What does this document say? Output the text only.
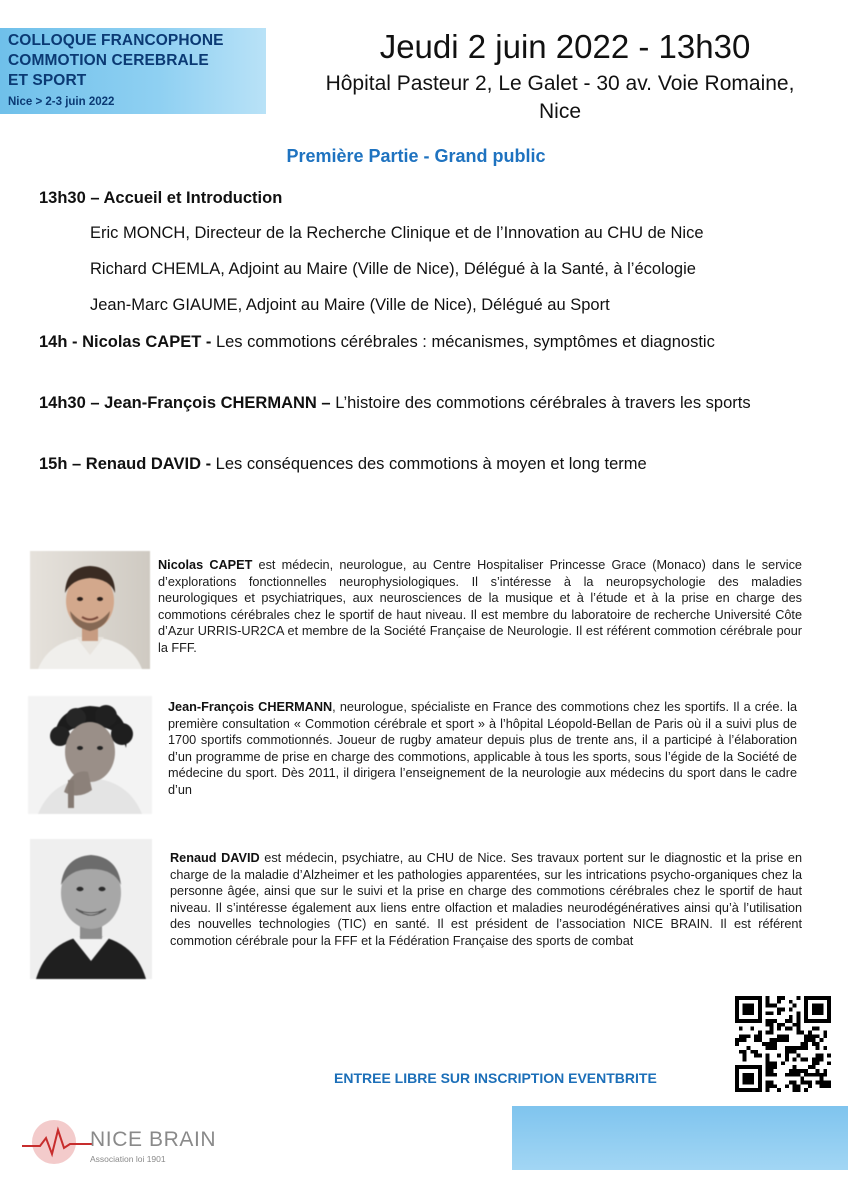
COLLOQUE FRANCOPHONE
COMMOTION CEREBRALE
ET SPORT
Nice > 2-3 juin 2022
Jeudi 2 juin 2022 - 13h30
Hôpital Pasteur 2, Le Galet - 30 av. Voie Romaine,
Nice
Première Partie - Grand public
13h30 – Accueil et Introduction
Eric MONCH, Directeur de la Recherche Clinique et de l’Innovation au CHU de Nice
Richard CHEMLA, Adjoint au Maire (Ville de Nice), Délégué à la Santé, à l’écologie
Jean-Marc GIAUME, Adjoint au Maire (Ville de Nice), Délégué au Sport
14h - Nicolas CAPET - Les commotions cérébrales : mécanismes, symptômes et diagnostic
14h30 – Jean-François CHERMANN – L’histoire des commotions cérébrales à travers les sports
15h – Renaud DAVID - Les conséquences des commotions à moyen et long terme
Nicolas CAPET est médecin, neurologue, au Centre Hospitaliser Princesse Grace (Monaco) dans le service d’explorations fonctionnelles neurophysiologiques. Il s’intéresse à la neuropsychologie des maladies neurologiques et psychiatriques, aux neurosciences de la musique et à l’étude et à la prise en charge des commotions cérébrales chez le sportif de haut niveau. Il est membre du laboratoire de recherche Université Côte d’Azur URRIS-UR2CA et membre de la Société Française de Neurologie. Il est référent commotion cérébrale pour la FFF.
Jean-François CHERMANN, neurologue, spécialiste en France des commotions chez les sportifs. Il a crée. la première consultation « Commotion cérébrale et sport » à l’hôpital Léopold-Bellan de Paris où il a suivi plus de 1700 sportifs commotionnés. Joueur de rugby amateur depuis plus de trente ans, il a participé à l’élaboration d’un programme de prise en charge des commotions, applicable à tous les sports, sous l’égide de la Société de médecine du sport. Dès 2011, il dirigera l’enseignement de la neurologie aux médecins du sport dans le cadre d’un
Renaud DAVID est médecin, psychiatre, au CHU de Nice. Ses travaux portent sur le diagnostic et la prise en charge de la maladie d’Alzheimer et les pathologies apparentées, sur les intrications psycho-organiques chez la personne âgée, ainsi que sur le suivi et la prise en charge des commotions cérébrales chez le sportif de haut niveau. Il s’intéresse également aux liens entre olfaction et maladies neurodégénératives ainsi qu’à l’utilisation des nouvelles technologies (TIC) en santé. Il est président de l’association NICE BRAIN. Il est référent commotion cérébrale pour la FFF et la Fédération Française des sports de combat
ENTREE LIBRE SUR INSCRIPTION EVENTBRITE
NICE BRAIN
Association loi 1901
